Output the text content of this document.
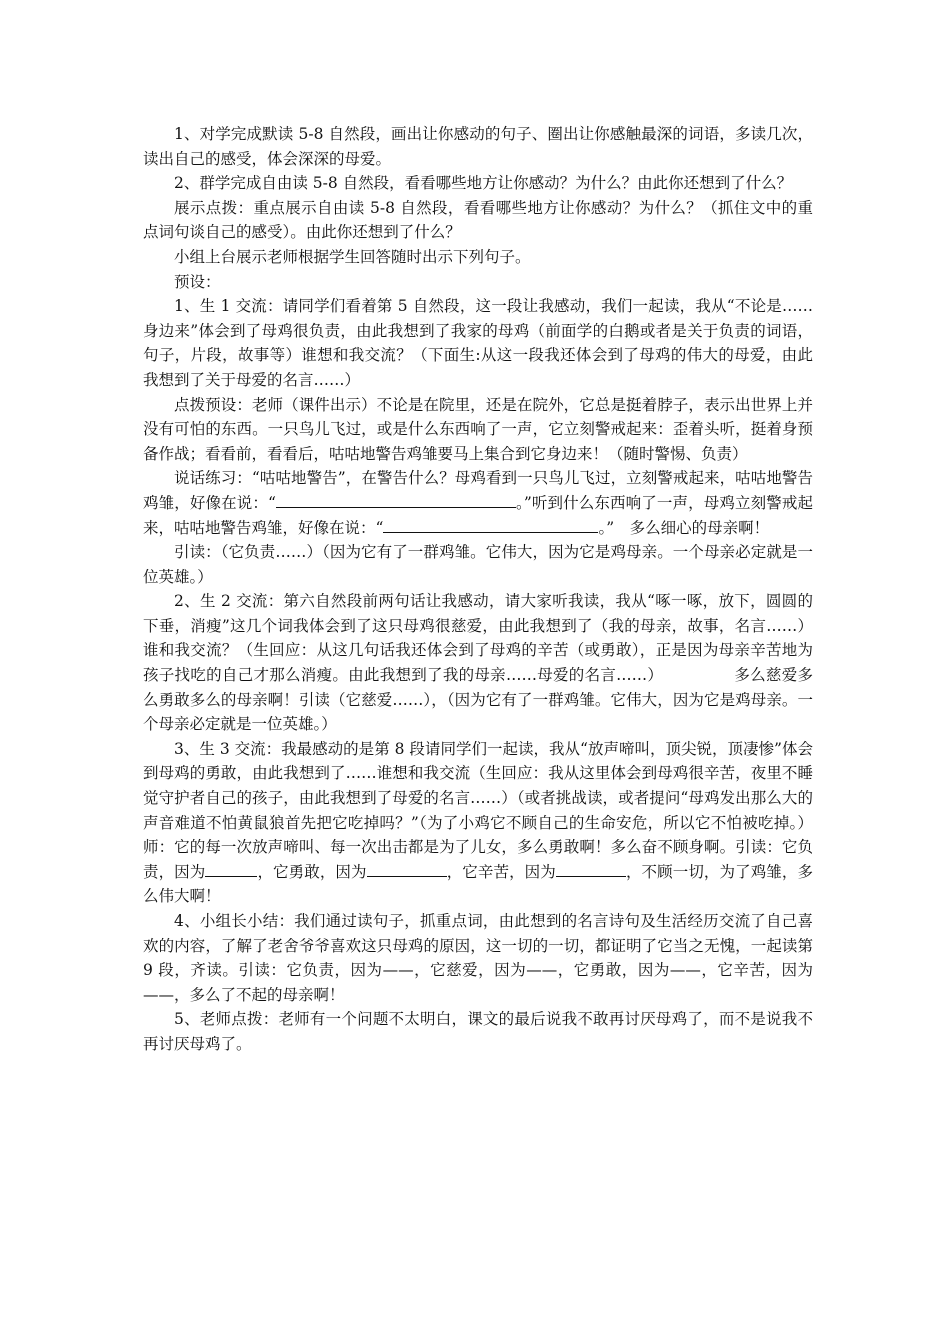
1、对学完成默读 5-8 自然段，画出让你感动的句子、圈出让你感触最深的词语，多读几次，读出自己的感受，体会深深的母爱。

2、群学完成自由读 5-8 自然段，看看哪些地方让你感动？为什么？由此你还想到了什么？

展示点拨：重点展示自由读 5-8 自然段，看看哪些地方让你感动？为什么？（抓住文中的重点词句谈自己的感受）。由此你还想到了什么？

小组上台展示老师根据学生回答随时出示下列句子。

预设：

1、生 1 交流：请同学们看着第 5 自然段，这一段让我感动，我们一起读，我从“不论是……身边来”体会到了母鸡很负责，由此我想到了我家的母鸡（前面学的白鹅或者是关于负责的词语，句子，片段，故事等）谁想和我交流？（下面生:从这一段我还体会到了母鸡的伟大的母爱，由此我想到了关于母爱的名言……）

点拨预设：老师（课件出示）不论是在院里，还是在院外，它总是挺着脖子，表示出世界上并没有可怕的东西。一只鸟儿飞过，或是什么东西响了一声，它立刻警戒起来：歪着头听，挺着身预备作战；看看前，看看后，咕咕地警告鸡雏要马上集合到它身边来！（随时警惕、负责）

说话练习：“咕咕地警告”，在警告什么？母鸡看到一只鸟儿飞过，立刻警戒起来，咕咕地警告鸡雏，好像在说：“	。”听到什么东西响了一声，母鸡立刻警戒起来，咕咕地警告鸡雏，好像在说：“	。”　多么细心的母亲啊！

引读：（它负责……）（因为它有了一群鸡雏。它伟大，因为它是鸡母亲。一个母亲必定就是一位英雄。）

2、生 2 交流：第六自然段前两句话让我感动，请大家听我读，我从“啄一啄，放下，圆圆的下垂，消瘦”这几个词我体会到了这只母鸡很慈爱，由此我想到了（我的母亲，故事，名言……）谁和我交流？（生回应：从这几句话我还体会到了母鸡的辛苦（或勇敢），正是因为母亲辛苦地为孩子找吃的自己才那么消瘦。由此我想到了我的母亲……母爱的名言……）　　　　　多么慈爱多么勇敢多么的母亲啊！引读（它慈爱……），（因为它有了一群鸡雏。它伟大，因为它是鸡母亲。一个母亲必定就是一位英雄。）

3、生 3 交流：我最感动的是第 8 段请同学们一起读，我从“放声啼叫，顶尖锐，顶凄惨”体会到母鸡的勇敢，由此我想到了……谁想和我交流（生回应：我从这里体会到母鸡很辛苦，夜里不睡觉守护者自己的孩子，由此我想到了母爱的名言……）（或者挑战读，或者提问“母鸡发出那么大的声音难道不怕黄鼠狼首先把它吃掉吗？”（为了小鸡它不顾自己的生命安危，所以它不怕被吃掉。）师：它的每一次放声啼叫、每一次出击都是为了儿女，多么勇敢啊！多么奋不顾身啊。引读：它负责，因为	，它勇敢，因为	，它辛苦，因为	，不顾一切，为了鸡雏，多么伟大啊！

4、小组长小结：我们通过读句子，抓重点词，由此想到的名言诗句及生活经历交流了自己喜欢的内容，了解了老舍爷爷喜欢这只母鸡的原因，这一切的一切，都证明了它当之无愧，一起读第 9 段，齐读。引读：它负责，因为——，它慈爱，因为——，它勇敢，因为——，它辛苦，因为——，多么了不起的母亲啊！

5、老师点拨：老师有一个问题不太明白，课文的最后说我不敢再讨厌母鸡了，而不是说我不再讨厌母鸡了。
